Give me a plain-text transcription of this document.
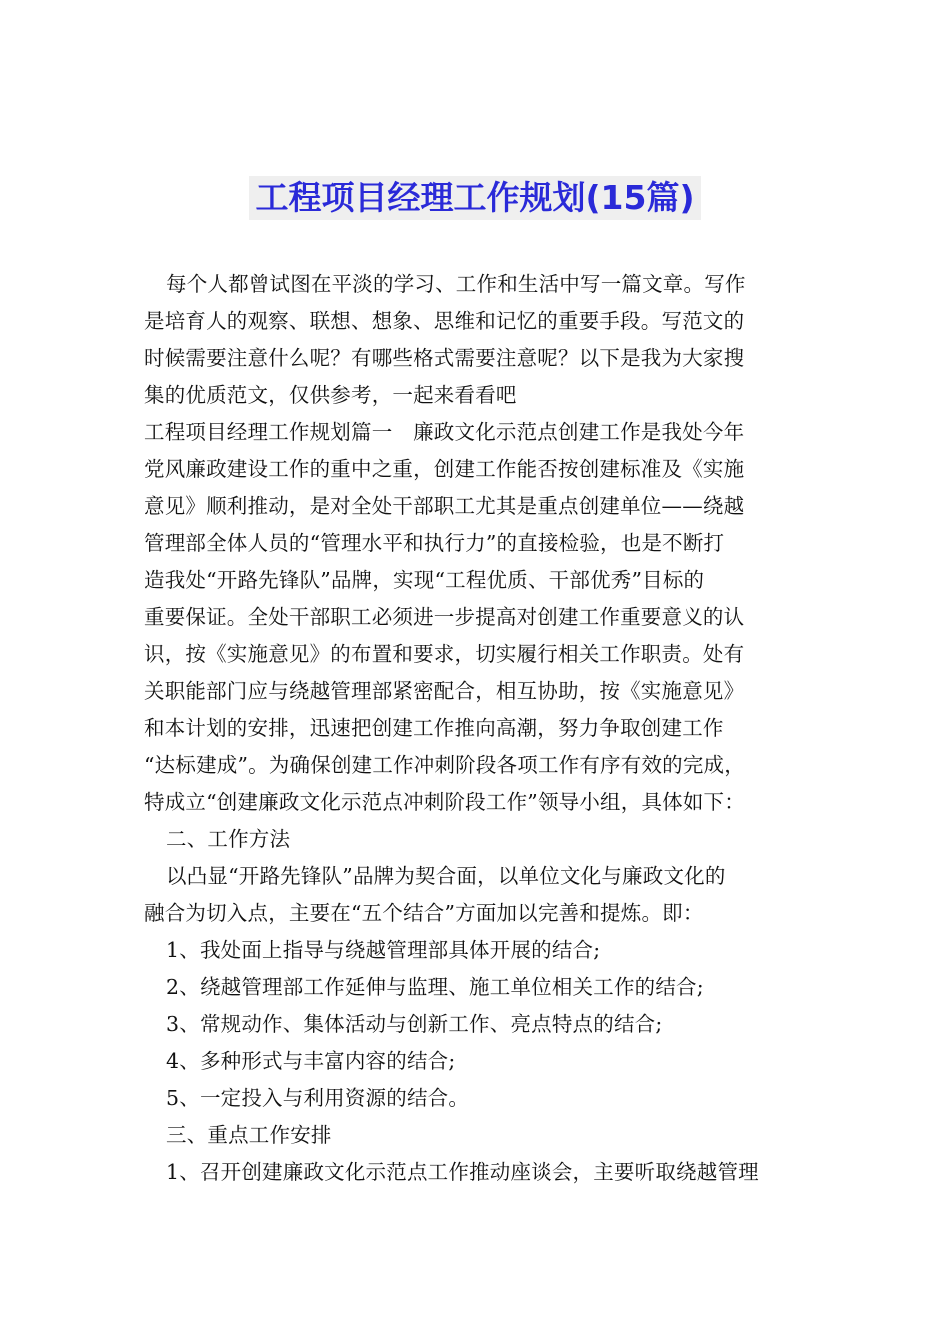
工程项目经理工作规划(15篇)
每个人都曾试图在平淡的学习、工作和生活中写一篇文章。写作
是培育人的观察、联想、想象、思维和记忆的重要手段。写范文的
时候需要注意什么呢？有哪些格式需要注意呢？以下是我为大家搜
集的优质范文，仅供参考，一起来看看吧
工程项目经理工作规划篇一　廉政文化示范点创建工作是我处今年
党风廉政建设工作的重中之重，创建工作能否按创建标准及《实施
意见》顺利推动，是对全处干部职工尤其是重点创建单位——绕越
管理部全体人员的“管理水平和执行力”的直接检验，也是不断打
造我处“开路先锋队”品牌，实现“工程优质、干部优秀”目标的
重要保证。全处干部职工必须进一步提高对创建工作重要意义的认
识，按《实施意见》的布置和要求，切实履行相关工作职责。处有
关职能部门应与绕越管理部紧密配合，相互协助，按《实施意见》
和本计划的安排，迅速把创建工作推向高潮，努力争取创建工作
“达标建成”。为确保创建工作冲刺阶段各项工作有序有效的完成，
特成立“创建廉政文化示范点冲刺阶段工作”领导小组，具体如下：
二、工作方法
以凸显“开路先锋队”品牌为契合面，以单位文化与廉政文化的
融合为切入点，主要在“五个结合”方面加以完善和提炼。即：
1、我处面上指导与绕越管理部具体开展的结合;
2、绕越管理部工作延伸与监理、施工单位相关工作的结合;
3、常规动作、集体活动与创新工作、亮点特点的结合;
4、多种形式与丰富内容的结合;
5、一定投入与利用资源的结合。
三、重点工作安排
1、召开创建廉政文化示范点工作推动座谈会，主要听取绕越管理
